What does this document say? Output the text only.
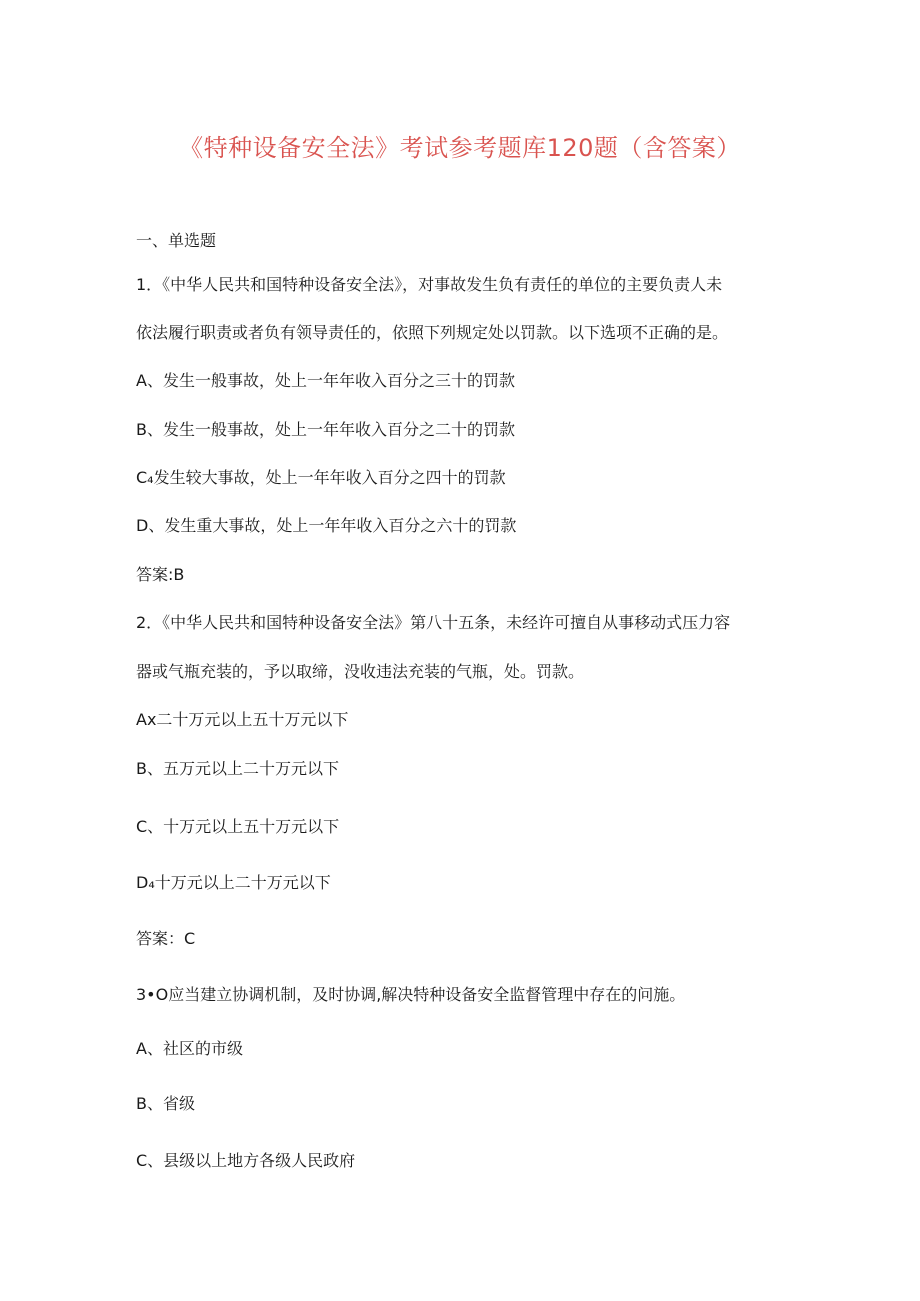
《特种设备安全法》考试参考题库120题（含答案）

一、单选题

1．《中华人民共和国特种设备安全法》，对事故发生负有责任的单位的主要负责人未

依法履行职责或者负有领导责任的，依照下列规定处以罚款。以下选项不正确的是。

A、发生一般事故，处上一年年收入百分之三十的罚款

B、发生一般事故，处上一年年收入百分之二十的罚款

C₄发生较大事故，处上一年年收入百分之四十的罚款

D、发生重大事故，处上一年年收入百分之六十的罚款

答案:B

2．《中华人民共和国特种设备安全法》第八十五条，未经许可擅自从事移动式压力容

器或气瓶充装的，予以取缔，没收违法充装的气瓶，处。罚款。

Ax二十万元以上五十万元以下

B、五万元以上二十万元以下

C、十万元以上五十万元以下

D₄十万元以上二十万元以下

答案：C

3•O应当建立协调机制，及时协调,解决特种设备安全监督管理中存在的问施。

A、社区的市级

B、省级

C、县级以上地方各级人民政府
